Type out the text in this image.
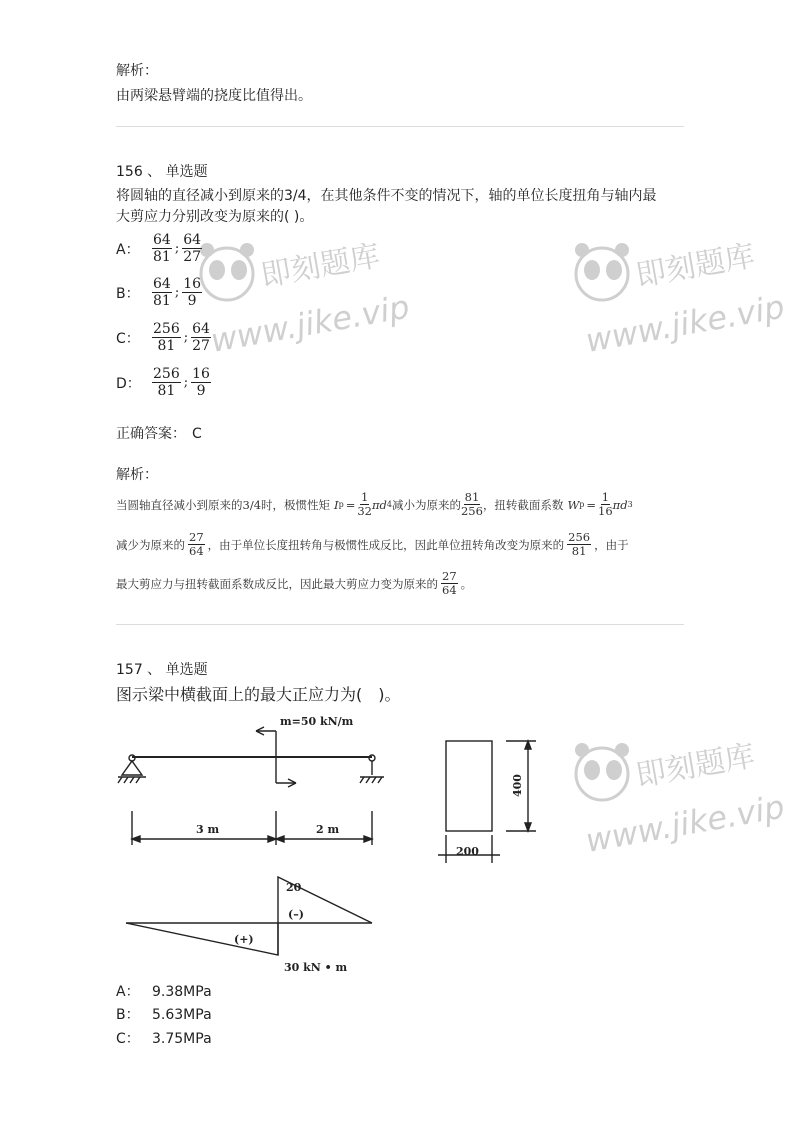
解析：
由两梁悬臂端的挠度比值得出。
156 、 单选题
将圆轴的直径减小到原来的3/4，在其他条件不变的情况下，轴的单位长度扭角与轴内最
大剪应力分别改变为原来的( )。
A： $\frac{64}{81}$ ; $\frac{64}{27}$
B： $\frac{64}{81}$ ; $\frac{16}{9}$
C： $\frac{256}{81}$ ; $\frac{64}{27}$
D： $\frac{256}{81}$ ; $\frac{16}{9}$
正确答案： C
解析：
当圆轴直径减小到原来的3/4时，极惯性矩 I $p = \frac{1}{32}$ πd 4 减小为原来的 $\frac{81}{256}$ ，扭转截面系数 W $p = \frac{1}{16}$ πd 3
减少为原来的 $\frac{27}{64}$ ，由于单位长度扭转角与极惯性成反比，因此单位扭转角改变为原来的 $\frac{256}{81}$ ，由于
最大剪应力与扭转截面系数成反比，因此最大剪应力变为原来的 $\frac{27}{64}$ 。
157 、 单选题
图示梁中横截面上的最大正应力为(　)。
m=50 kN/m
3 m	2 m
400
200
20
(–)
(+)
30 kN • m
A： 9.38MPa
B： 5.63MPa
C： 3.75MPa
即刻题库
www.jike.vip
即刻题库
www.jike.vip
即刻题库
www.jike.vip
